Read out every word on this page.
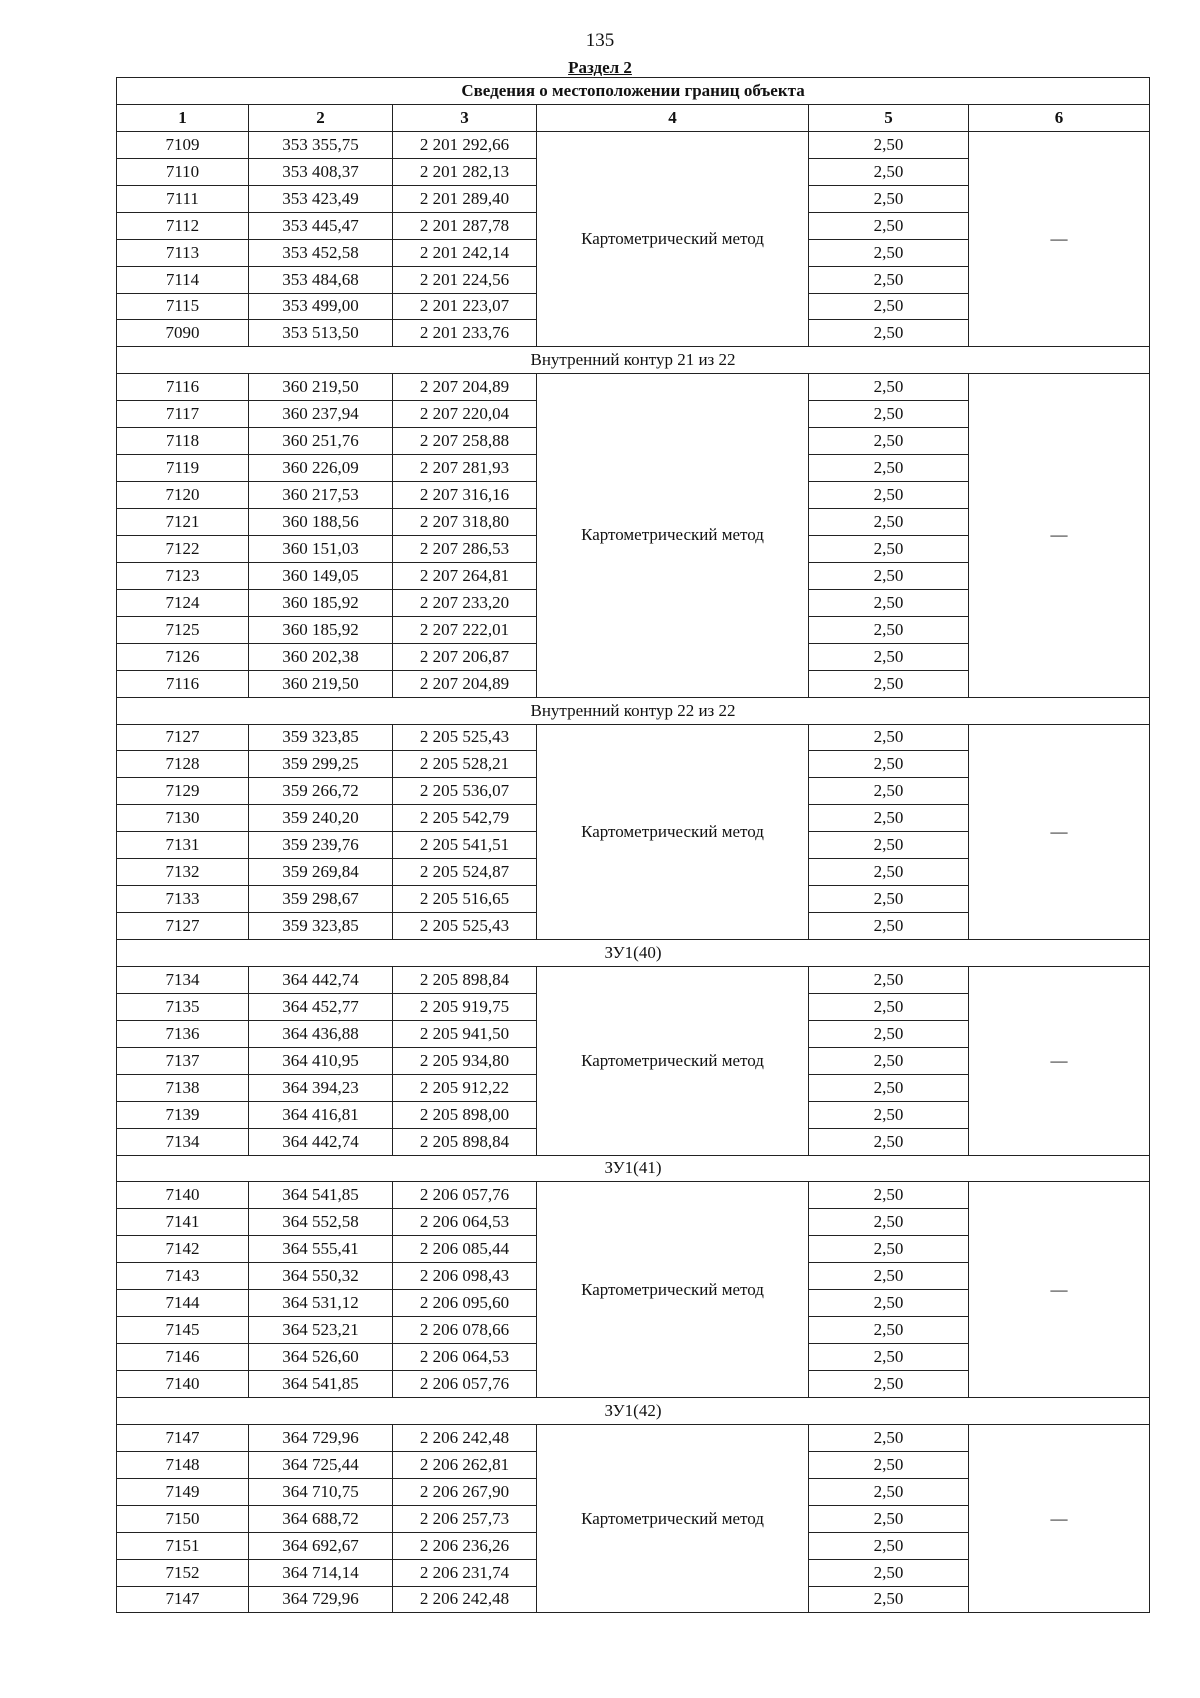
135
Раздел 2
Сведения о местоположении границ объекта					
1	2	3	4	5	6
7109	353 355,75	2 201 292,66	Картометрический метод	2,50	—
7110	353 408,37	2 201 282,13		2,50	
7111	353 423,49	2 201 289,40		2,50	
7112	353 445,47	2 201 287,78		2,50	
7113	353 452,58	2 201 242,14		2,50	
7114	353 484,68	2 201 224,56		2,50	
7115	353 499,00	2 201 223,07		2,50	
7090	353 513,50	2 201 233,76		2,50	
Внутренний контур 21 из 22					
7116	360 219,50	2 207 204,89	Картометрический метод	2,50	—
7117	360 237,94	2 207 220,04		2,50	
7118	360 251,76	2 207 258,88		2,50	
7119	360 226,09	2 207 281,93		2,50	
7120	360 217,53	2 207 316,16		2,50	
7121	360 188,56	2 207 318,80		2,50	
7122	360 151,03	2 207 286,53		2,50	
7123	360 149,05	2 207 264,81		2,50	
7124	360 185,92	2 207 233,20		2,50	
7125	360 185,92	2 207 222,01		2,50	
7126	360 202,38	2 207 206,87		2,50	
7116	360 219,50	2 207 204,89		2,50	
Внутренний контур 22 из 22					
7127	359 323,85	2 205 525,43	Картометрический метод	2,50	—
7128	359 299,25	2 205 528,21		2,50	
7129	359 266,72	2 205 536,07		2,50	
7130	359 240,20	2 205 542,79		2,50	
7131	359 239,76	2 205 541,51		2,50	
7132	359 269,84	2 205 524,87		2,50	
7133	359 298,67	2 205 516,65		2,50	
7127	359 323,85	2 205 525,43		2,50	
ЗУ1(40)					
7134	364 442,74	2 205 898,84	Картометрический метод	2,50	—
7135	364 452,77	2 205 919,75		2,50	
7136	364 436,88	2 205 941,50		2,50	
7137	364 410,95	2 205 934,80		2,50	
7138	364 394,23	2 205 912,22		2,50	
7139	364 416,81	2 205 898,00		2,50	
7134	364 442,74	2 205 898,84		2,50	
ЗУ1(41)					
7140	364 541,85	2 206 057,76	Картометрический метод	2,50	—
7141	364 552,58	2 206 064,53		2,50	
7142	364 555,41	2 206 085,44		2,50	
7143	364 550,32	2 206 098,43		2,50	
7144	364 531,12	2 206 095,60		2,50	
7145	364 523,21	2 206 078,66		2,50	
7146	364 526,60	2 206 064,53		2,50	
7140	364 541,85	2 206 057,76		2,50	
ЗУ1(42)					
7147	364 729,96	2 206 242,48	Картометрический метод	2,50	—
7148	364 725,44	2 206 262,81		2,50	
7149	364 710,75	2 206 267,90		2,50	
7150	364 688,72	2 206 257,73		2,50	
7151	364 692,67	2 206 236,26		2,50	
7152	364 714,14	2 206 231,74		2,50	
7147	364 729,96	2 206 242,48		2,50	
